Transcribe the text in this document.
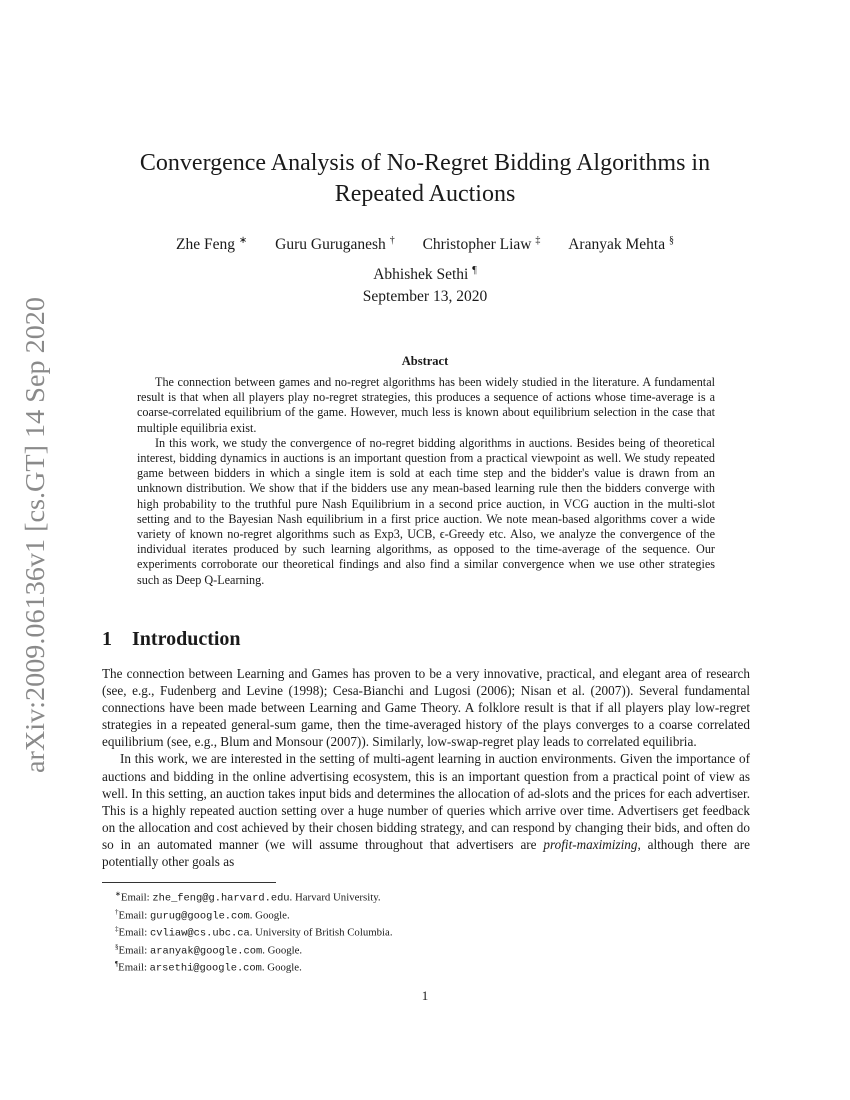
arXiv:2009.06136v1 [cs.GT] 14 Sep 2020
Convergence Analysis of No-Regret Bidding Algorithms in
Repeated Auctions
Zhe Feng ∗ Guru Guruganesh † Christopher Liaw ‡ Aranyak Mehta §
Abhishek Sethi ¶
September 13, 2020
Abstract

The connection between games and no-regret algorithms has been widely studied in the literature. A fundamental result is that when all players play no-regret strategies, this produces a sequence of actions whose time-average is a coarse-correlated equilibrium of the game. However, much less is known about equilibrium selection in the case that multiple equilibria exist.

In this work, we study the convergence of no-regret bidding algorithms in auctions. Besides being of theoretical interest, bidding dynamics in auctions is an important question from a practical viewpoint as well. We study repeated game between bidders in which a single item is sold at each time step and the bidder's value is drawn from an unknown distribution. We show that if the bidders use any mean-based learning rule then the bidders converge with high probability to the truthful pure Nash Equilibrium in a second price auction, in VCG auction in the multi-slot setting and to the Bayesian Nash equilibrium in a first price auction. We note mean-based algorithms cover a wide variety of known no-regret algorithms such as Exp3, UCB, ϵ-Greedy etc. Also, we analyze the convergence of the individual iterates produced by such learning algorithms, as opposed to the time-average of the sequence. Our experiments corroborate our theoretical findings and also find a similar convergence when we use other strategies such as Deep Q-Learning.

1 Introduction

The connection between Learning and Games has proven to be a very innovative, practical, and elegant area of research (see, e.g., Fudenberg and Levine (1998); Cesa-Bianchi and Lugosi (2006); Nisan et al. (2007)). Several fundamental connections have been made between Learning and Game Theory. A folklore result is that if all players play low-regret strategies in a repeated general-sum game, then the time-averaged history of the plays converges to a coarse correlated equilibrium (see, e.g., Blum and Monsour (2007)). Similarly, low-swap-regret play leads to correlated equilibria.

In this work, we are interested in the setting of multi-agent learning in auction environments. Given the importance of auctions and bidding in the online advertising ecosystem, this is an important question from a practical point of view as well. In this setting, an auction takes input bids and determines the allocation of ad-slots and the prices for each advertiser. This is a highly repeated auction setting over a huge number of queries which arrive over time. Advertisers get feedback on the allocation and cost achieved by their chosen bidding strategy, and can respond by changing their bids, and often do so in an automated manner (we will assume throughout that advertisers are profit-maximizing, although there are potentially other goals as

∗Email: zhe_feng@g.harvard.edu. Harvard University.
†Email: gurug@google.com. Google.
‡Email: cvliaw@cs.ubc.ca. University of British Columbia.
§Email: aranyak@google.com. Google.
¶Email: arsethi@google.com. Google.
1
